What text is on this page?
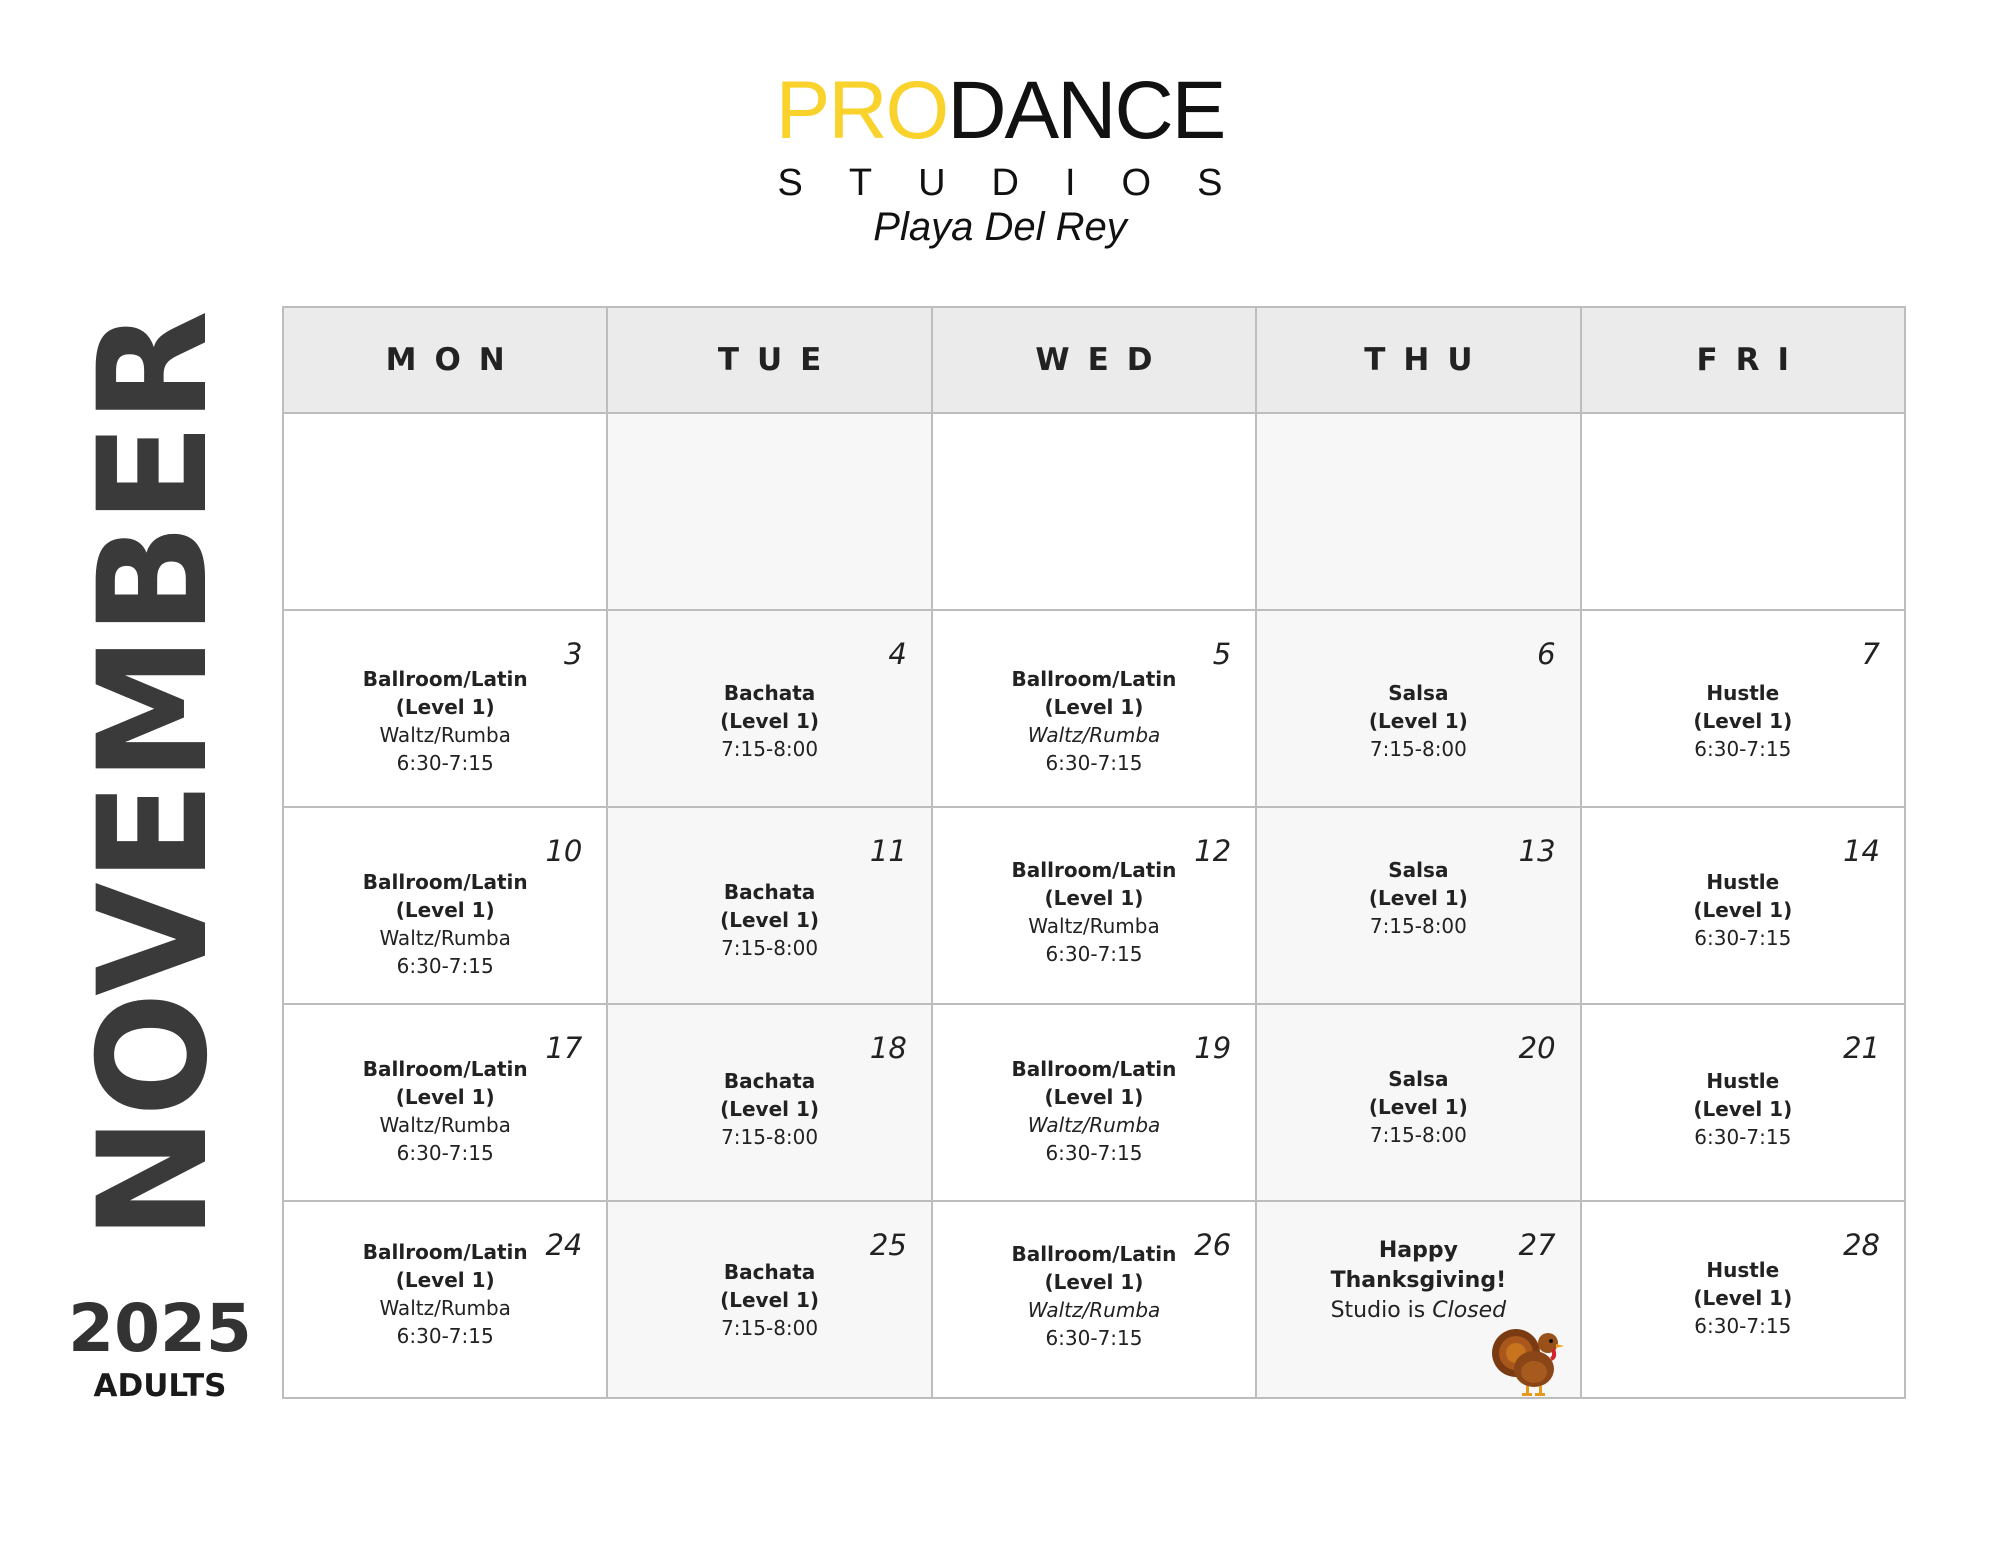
PRODANCE
STUDIOS
Playa Del Rey
NOVEMBER
2025
ADULTS
MON	TUE	WED	THU	FRI

3
Ballroom/Latin
(Level 1)
Waltz/Rumba
6:30-7:15	4
Bachata
(Level 1)
7:15-8:00	5
Ballroom/Latin
(Level 1)
Waltz/Rumba
6:30-7:15	6
Salsa
(Level 1)
7:15-8:00	7
Hustle
(Level 1)
6:30-7:15

10
Ballroom/Latin
(Level 1)
Waltz/Rumba
6:30-7:15	11
Bachata
(Level 1)
7:15-8:00	12
Ballroom/Latin
(Level 1)
Waltz/Rumba
6:30-7:15	13
Salsa
(Level 1)
7:15-8:00	14
Hustle
(Level 1)
6:30-7:15

17
Ballroom/Latin
(Level 1)
Waltz/Rumba
6:30-7:15	18
Bachata
(Level 1)
7:15-8:00	19
Ballroom/Latin
(Level 1)
Waltz/Rumba
6:30-7:15	20
Salsa
(Level 1)
7:15-8:00	21
Hustle
(Level 1)
6:30-7:15

24
Ballroom/Latin
(Level 1)
Waltz/Rumba
6:30-7:15	25
Bachata
(Level 1)
7:15-8:00	26
Ballroom/Latin
(Level 1)
Waltz/Rumba
6:30-7:15	27
Happy
Thanksgiving!
Studio is Closed	28
Hustle
(Level 1)
6:30-7:15
